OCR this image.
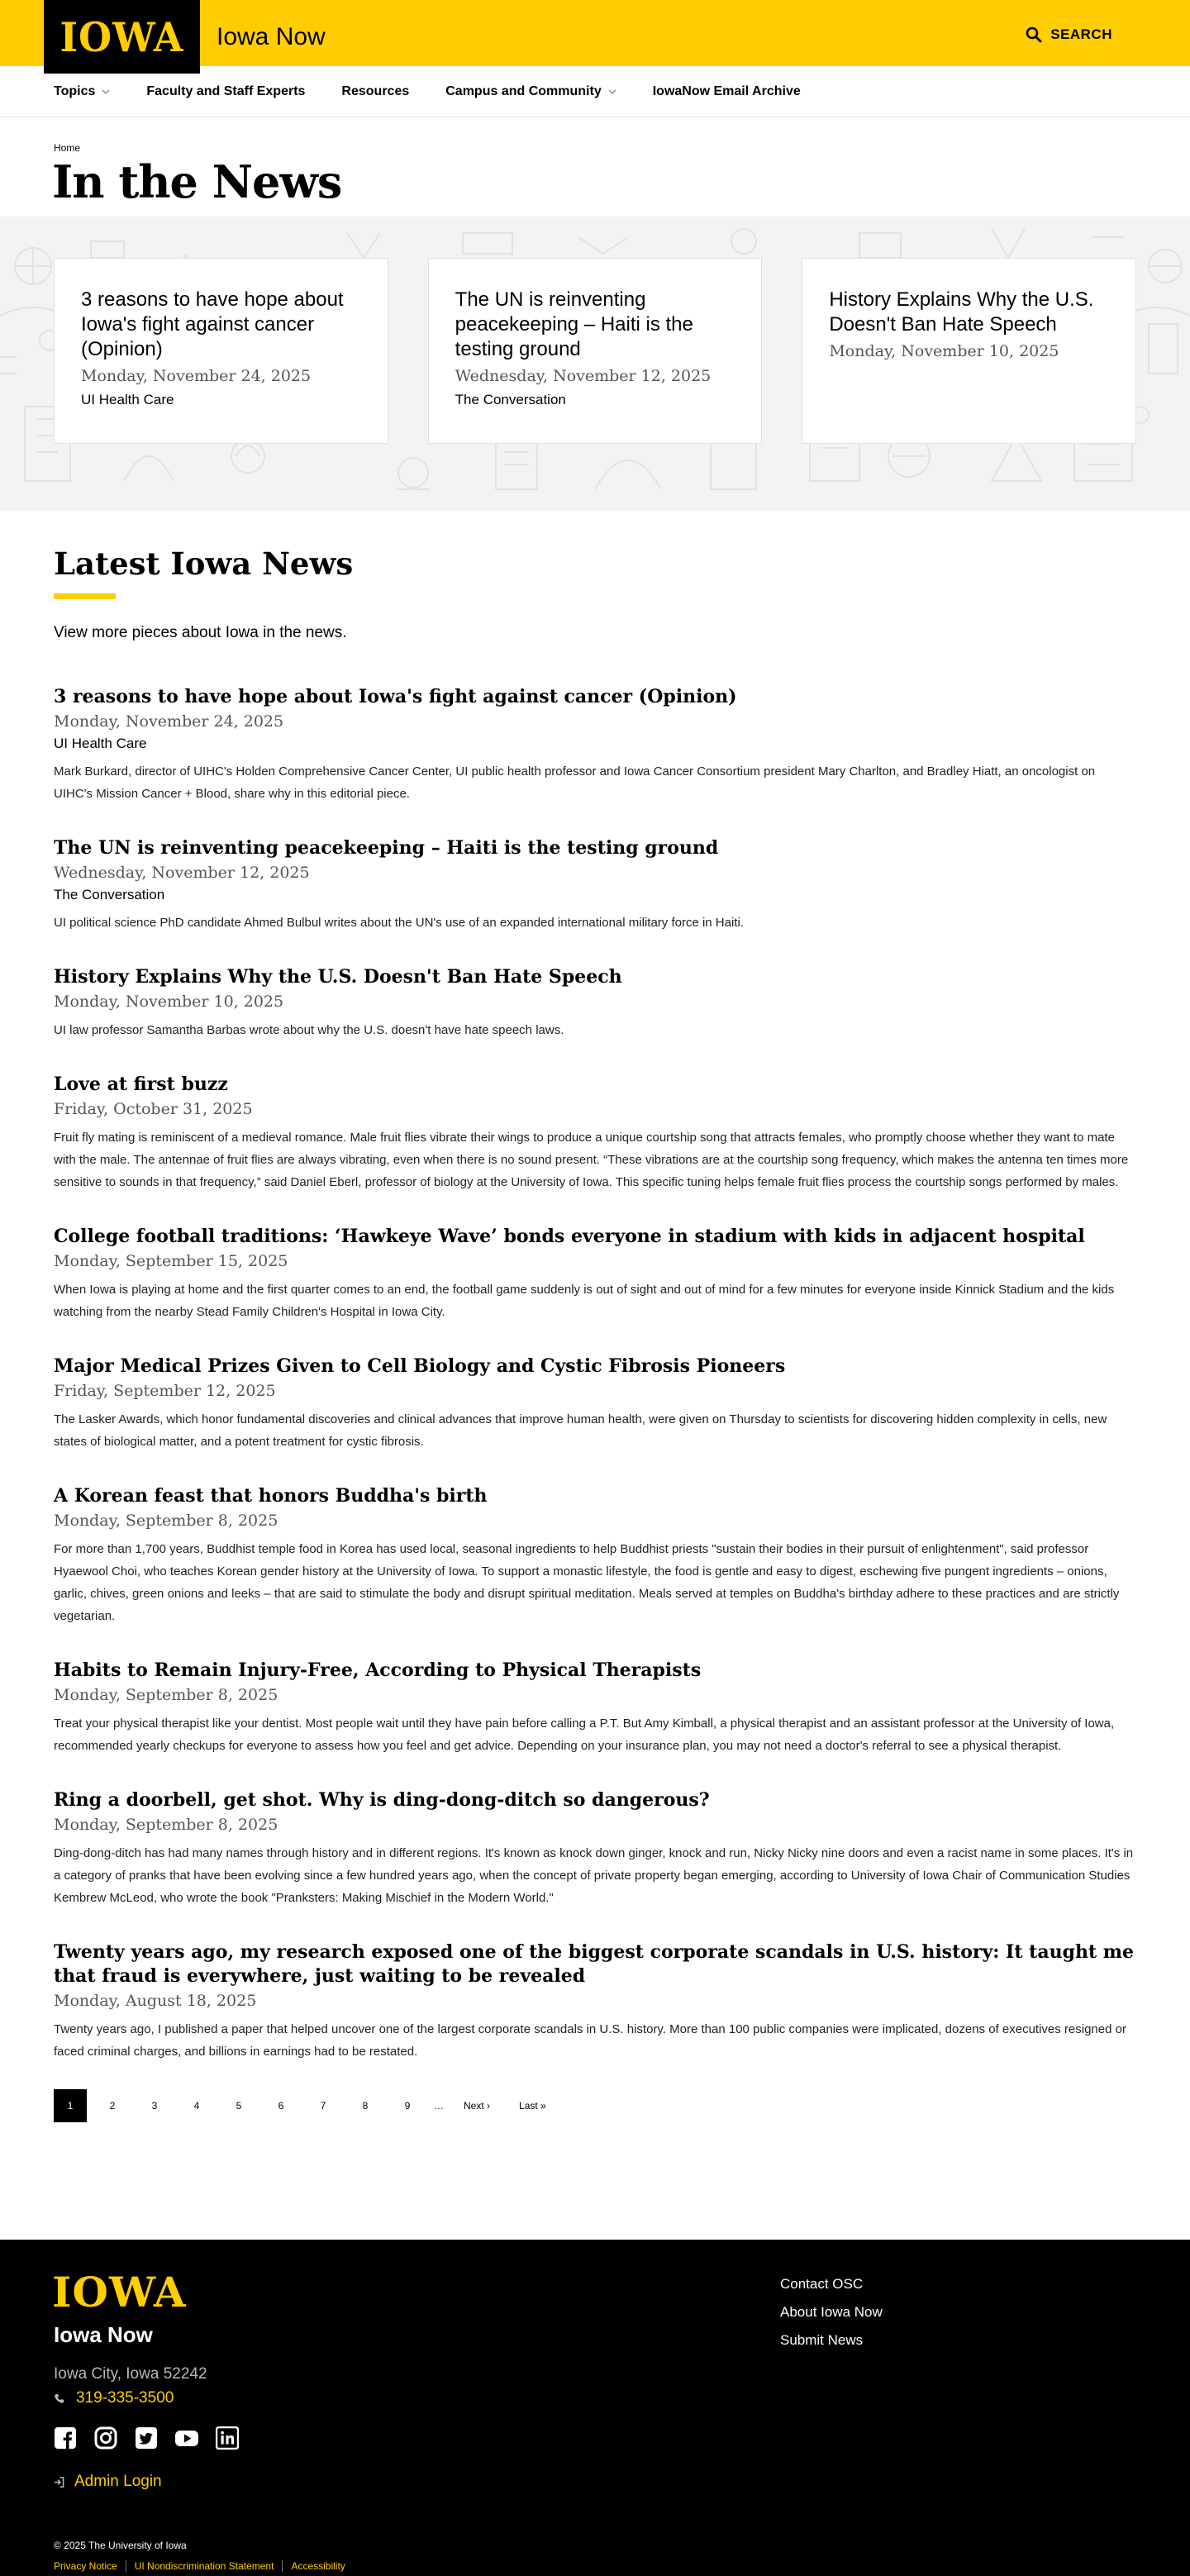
IOWA Iowa Now	SEARCH
Topics	Faculty and Staff Experts	Resources	Campus and Community	IowaNow Email Archive
Home
In the News
3 reasons to have hope about Iowa's fight against cancer (Opinion)
Monday, November 24, 2025
UI Health Care
The UN is reinventing peacekeeping – Haiti is the testing ground
Wednesday, November 12, 2025
The Conversation
History Explains Why the U.S. Doesn't Ban Hate Speech
Monday, November 10, 2025
Latest Iowa News

View more pieces about Iowa in the news.

3 reasons to have hope about Iowa's fight against cancer (Opinion)
Monday, November 24, 2025
UI Health Care

Mark Burkard, director of UIHC's Holden Comprehensive Cancer Center, UI public health professor and Iowa Cancer Consortium president Mary Charlton, and Bradley Hiatt, an oncologist on UIHC's Mission Cancer + Blood, share why in this editorial piece.

The UN is reinventing peacekeeping – Haiti is the testing ground
Wednesday, November 12, 2025
The Conversation

UI political science PhD candidate Ahmed Bulbul writes about the UN's use of an expanded international military force in Haiti.

History Explains Why the U.S. Doesn't Ban Hate Speech
Monday, November 10, 2025

UI law professor Samantha Barbas wrote about why the U.S. doesn't have hate speech laws.

Love at first buzz
Friday, October 31, 2025

Fruit fly mating is reminiscent of a medieval romance. Male fruit flies vibrate their wings to produce a unique courtship song that attracts females, who promptly choose whether they want to mate with the male. The antennae of fruit flies are always vibrating, even when there is no sound present. “These vibrations are at the courtship song frequency, which makes the antenna ten times more sensitive to sounds in that frequency,” said Daniel Eberl, professor of biology at the University of Iowa. This specific tuning helps female fruit flies process the courtship songs performed by males.

College football traditions: ‘Hawkeye Wave’ bonds everyone in stadium with kids in adjacent hospital
Monday, September 15, 2025

When Iowa is playing at home and the first quarter comes to an end, the football game suddenly is out of sight and out of mind for a few minutes for everyone inside Kinnick Stadium and the kids watching from the nearby Stead Family Children's Hospital in Iowa City.

Major Medical Prizes Given to Cell Biology and Cystic Fibrosis Pioneers
Friday, September 12, 2025

The Lasker Awards, which honor fundamental discoveries and clinical advances that improve human health, were given on Thursday to scientists for discovering hidden complexity in cells, new states of biological matter, and a potent treatment for cystic fibrosis.

A Korean feast that honors Buddha's birth
Monday, September 8, 2025

For more than 1,700 years, Buddhist temple food in Korea has used local, seasonal ingredients to help Buddhist priests "sustain their bodies in their pursuit of enlightenment", said professor Hyaewool Choi, who teaches Korean gender history at the University of Iowa. To support a monastic lifestyle, the food is gentle and easy to digest, eschewing five pungent ingredients – onions, garlic, chives, green onions and leeks – that are said to stimulate the body and disrupt spiritual meditation. Meals served at temples on Buddha's birthday adhere to these practices and are strictly vegetarian.

Habits to Remain Injury-Free, According to Physical Therapists
Monday, September 8, 2025

Treat your physical therapist like your dentist. Most people wait until they have pain before calling a P.T. But Amy Kimball, a physical therapist and an assistant professor at the University of Iowa, recommended yearly checkups for everyone to assess how you feel and get advice. Depending on your insurance plan, you may not need a doctor's referral to see a physical therapist.

Ring a doorbell, get shot. Why is ding-dong-ditch so dangerous?
Monday, September 8, 2025

Ding-dong-ditch has had many names through history and in different regions. It's known as knock down ginger, knock and run, Nicky Nicky nine doors and even a racist name in some places. It's in a category of pranks that have been evolving since a few hundred years ago, when the concept of private property began emerging, according to University of Iowa Chair of Communication Studies Kembrew McLeod, who wrote the book "Pranksters: Making Mischief in the Modern World."

Twenty years ago, my research exposed one of the biggest corporate scandals in U.S. history: It taught me that fraud is everywhere, just waiting to be revealed
Monday, August 18, 2025

Twenty years ago, I published a paper that helped uncover one of the largest corporate scandals in U.S. history. More than 100 public companies were implicated, dozens of executives resigned or faced criminal charges, and billions in earnings had to be restated.

1	2	3	4	5	6	7	8	9	…	Next ›	Last »
IOWA
Iowa Now
Iowa City, Iowa 52242
319-335-3500
Admin Login
Contact OSC
About Iowa Now
Submit News
© 2025 The University of Iowa
Privacy Notice	UI Nondiscrimination Statement	Accessibility
